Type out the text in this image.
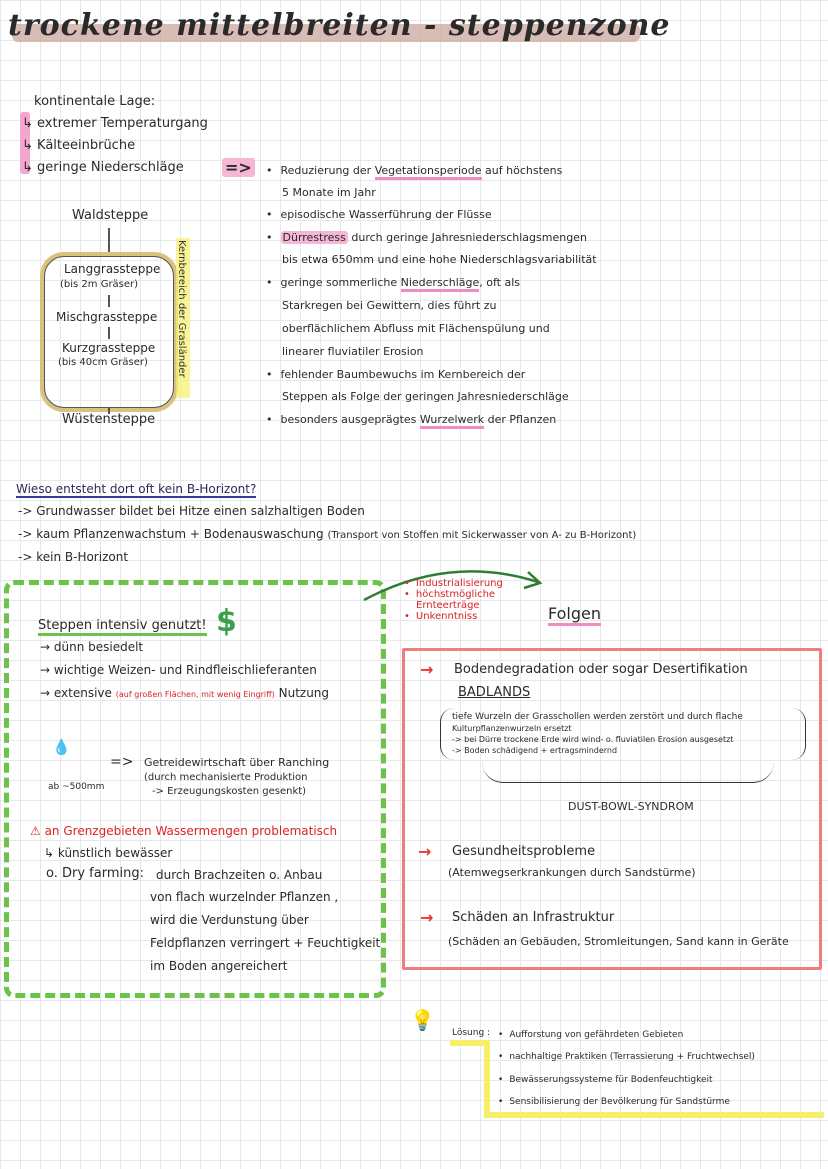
trockene mittelbreiten - steppenzone
kontinentale Lage:
↳ extremer Temperaturgang
↳ Kälteeinbrüche
↳ geringe Niederschläge	=> •	Reduzierung der Vegetationsperiode auf höchstens
5 Monate im Jahr
• episodische Wasserführung der Flüsse
• Dürrestress durch geringe Jahresniederschlagsmengen
bis etwa 650mm und eine hohe Niederschlagsvariabilität
• geringe sommerliche Niederschläge, oft als
Starkregen bei Gewittern, dies führt zu
oberflächlichem Abfluss mit Flächenspülung und
linearer fluviatiler Erosion
• fehlender Baumbewuchs im Kernbereich der
Steppen als Folge der geringen Jahresniederschläge
• besonders ausgeprägtes Wurzelwerk der Pflanzen
Waldsteppe
Langgrassteppe
(bis 2m Gräser)
Mischgrassteppe
Kurzgrassteppe
(bis 40cm Gräser)
Wüstensteppe
Kernbereich der Grasländer
Wieso entsteht dort oft kein B-Horizont?
-> Grundwasser bildet bei Hitze einen salzhaltigen Boden
-> kaum Pflanzenwachstum + Bodenauswaschung (Transport von Stoffen mit Sickerwasser von A- zu B-Horizont)
-> kein B-Horizont
• Industrialisierung
• höchstmögliche
Ernteerträge
• Unkenntniss	Folgen
Steppen intensiv genutzt! $
→ dünn besiedelt
→ wichtige Weizen- und Rindfleischlieferanten
→ extensive (auf großen Flächen, mit wenig Eingriff) Nutzung
💧
ab ~500mm
=> Getreidewirtschaft über Ranching
(durch mechanisierte Produktion
-> Erzeugungskosten gesenkt)
⚠ an Grenzgebieten Wassermengen problematisch
↳ künstlich bewässer
o. Dry farming: durch Brachzeiten o. Anbau
von flach wurzelnder Pflanzen ,
wird die Verdunstung über
Feldpflanzen verringert + Feuchtigkeit
im Boden angereichert
→ Bodendegradation oder sogar Desertifikation
BADLANDS
tiefe Wurzeln der Grasschollen werden zerstört und durch flache
Kulturpflanzenwurzeln ersetzt
-> bei Dürre trockene Erde wird wind- o. fluviatilen Erosion ausgesetzt
-> Boden schädigend + ertragsmindernd
DUST-BOWL-SYNDROM
→ Gesundheitsprobleme
(Atemwegserkrankungen durch Sandstürme)
→ Schäden an Infrastruktur
(Schäden an Gebäuden, Stromleitungen, Sand kann in Geräte
💡
Lösung : •	Aufforstung von gefährdeten Gebieten
• nachhaltige Praktiken (Terrassierung + Fruchtwechsel)
• Bewässerungssysteme für Bodenfeuchtigkeit
• Sensibilisierung der Bevölkerung für Sandstürme
